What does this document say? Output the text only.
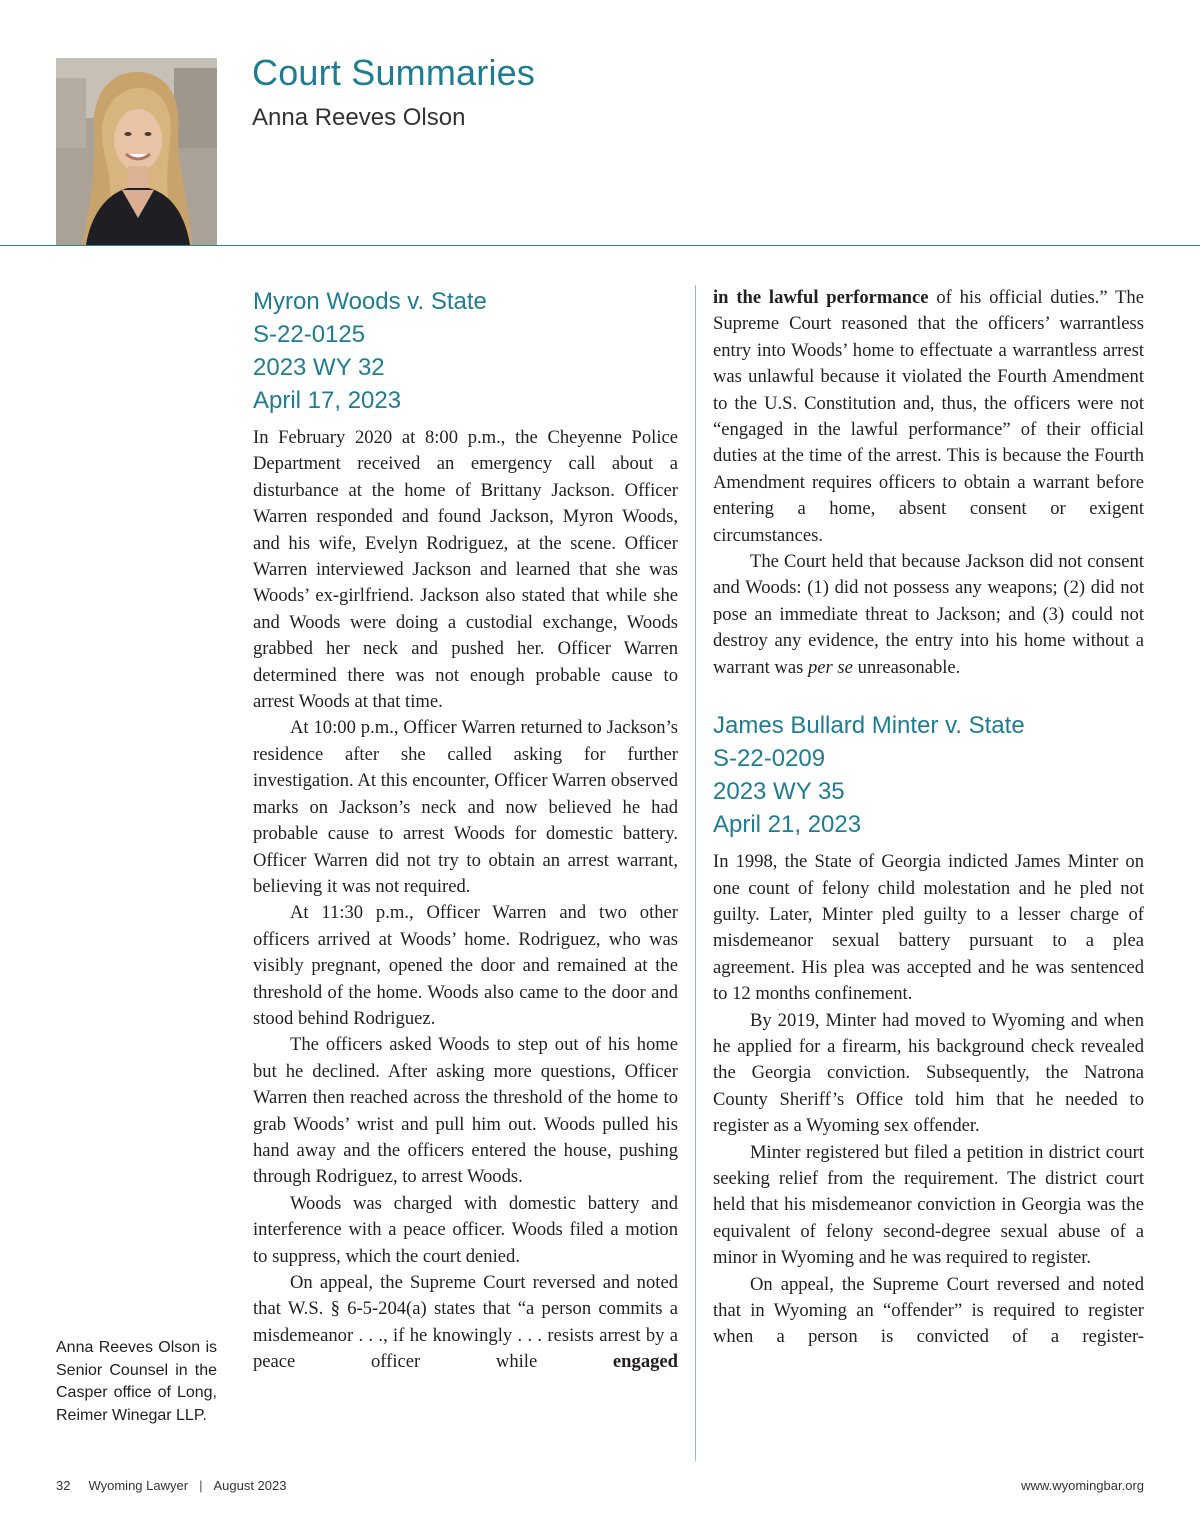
Court Summaries
Anna Reeves Olson
Myron Woods v. State
S-22-0125
2023 WY 32
April 17, 2023

In February 2020 at 8:00 p.m., the Cheyenne Police Department received an emergency call about a disturbance at the home of Brittany Jackson. Officer Warren responded and found Jackson, Myron Woods, and his wife, Evelyn Rodriguez, at the scene. Officer Warren interviewed Jackson and learned that she was Woods’ ex-girlfriend. Jackson also stated that while she and Woods were doing a custodial exchange, Woods grabbed her neck and pushed her. Officer Warren determined there was not enough probable cause to arrest Woods at that time.

At 10:00 p.m., Officer Warren returned to Jackson’s residence after she called asking for further investigation. At this encounter, Officer Warren observed marks on Jackson’s neck and now believed he had probable cause to arrest Woods for domestic battery. Officer Warren did not try to obtain an arrest warrant, believing it was not required.

At 11:30 p.m., Officer Warren and two other officers arrived at Woods’ home. Rodriguez, who was visibly pregnant, opened the door and remained at the threshold of the home. Woods also came to the door and stood behind Rodriguez.

The officers asked Woods to step out of his home but he declined. After asking more questions, Officer Warren then reached across the threshold of the home to grab Woods’ wrist and pull him out. Woods pulled his hand away and the officers entered the house, pushing through Rodriguez, to arrest Woods.

Woods was charged with domestic battery and interference with a peace officer. Woods filed a motion to suppress, which the court denied.

On appeal, the Supreme Court reversed and noted that W.S. § 6-5-204(a) states that “a person commits a misdemeanor . . ., if he knowingly . . . resists arrest by a peace officer while	engaged

in the lawful performance of his official duties.” The Supreme Court reasoned that the officers’ warrantless entry into Woods’ home to effectuate a warrantless arrest was unlawful because it violated the Fourth Amendment to the U.S. Constitution and, thus, the officers were not “engaged in the lawful performance” of their official duties at the time of the arrest. This is because the Fourth Amendment requires officers to obtain a warrant before entering a home, absent consent or exigent circumstances.

The Court held that because Jackson did not consent and Woods: (1) did not possess any weapons; (2) did not pose an immediate threat to Jackson; and (3) could not destroy any evidence, the entry into his home without a warrant was per se unreasonable.

James Bullard Minter v. State
S-22-0209
2023 WY 35
April 21, 2023

In 1998, the State of Georgia indicted James Minter on one count of felony child molestation and he pled not guilty. Later, Minter pled guilty to a lesser charge of misdemeanor sexual battery pursuant to a plea agreement. His plea was accepted and he was sentenced to 12 months confinement.

By 2019, Minter had moved to Wyoming and when he applied for a firearm, his background check revealed the Georgia conviction. Subsequently, the Natrona County Sheriff’s Office told him that he needed to register as a Wyoming sex offender.

Minter registered but filed a petition in district court seeking relief from the requirement. The district court held that his misdemeanor conviction in Georgia was the equivalent of felony second-degree sexual abuse of a minor in Wyoming and he was required to register.

On appeal, the Supreme Court reversed and noted that in Wyoming an “offender” is required to register when a person is convicted of a register-

Anna Reeves Olson is Senior Counsel in the Casper office of Long, Reimer Winegar LLP.
32 Wyoming Lawyer | August 2023	www.wyomingbar.org
